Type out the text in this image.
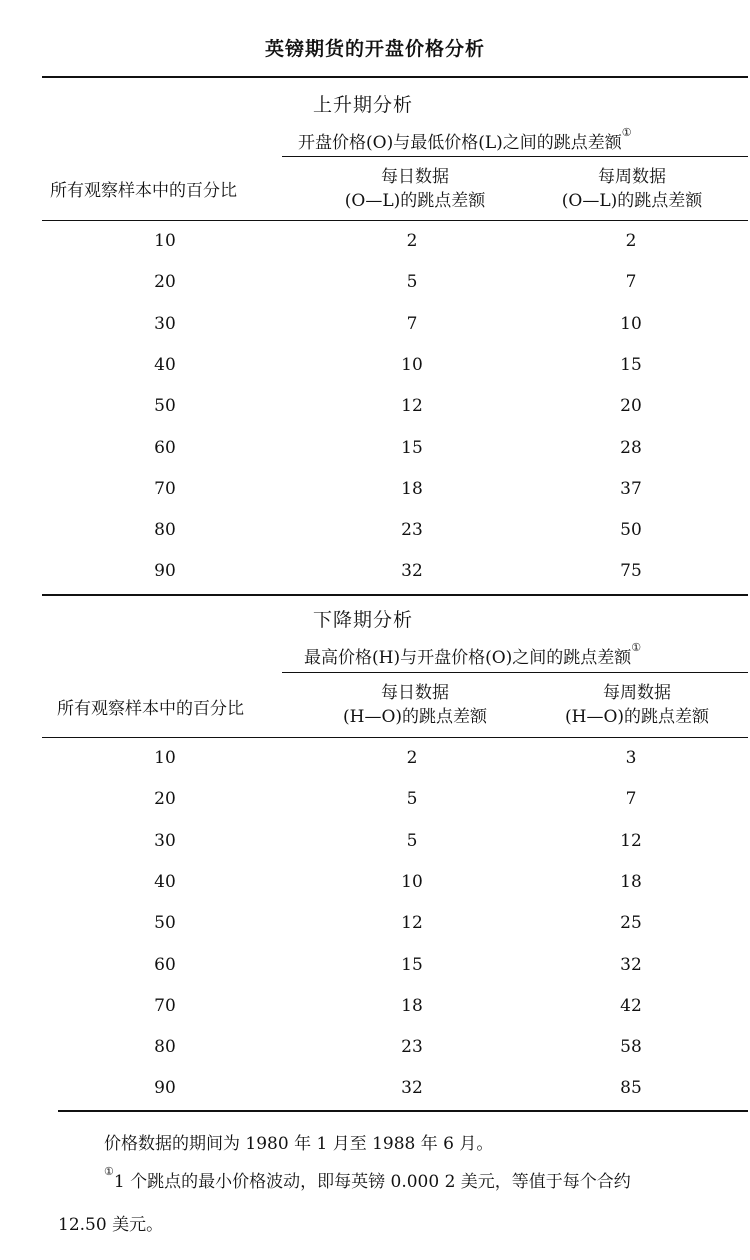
英镑期货的开盘价格分析
上升期分析
开盘价格(O)与最低价格(L)之间的跳点差额①
所有观察样本中的百分比
每日数据
(O—L)的跳点差额
每周数据
(O—L)的跳点差额
10	2	2
20	5	7
30	7	10
40	10	15
50	12	20
60	15	28
70	18	37
80	23	50
90	32	75
下降期分析
最高价格(H)与开盘价格(O)之间的跳点差额①
所有观察样本中的百分比
每日数据
(H—O)的跳点差额
每周数据
(H—O)的跳点差额
10	2	3
20	5	7
30	5	12
40	10	18
50	12	25
60	15	32
70	18	42
80	23	58
90	32	85
价格数据的期间为 1980 年 1 月至 1988 年 6 月。
①1 个跳点的最小价格波动，即每英镑 0.000 2 美元，等值于每个合约
12.50 美元。
